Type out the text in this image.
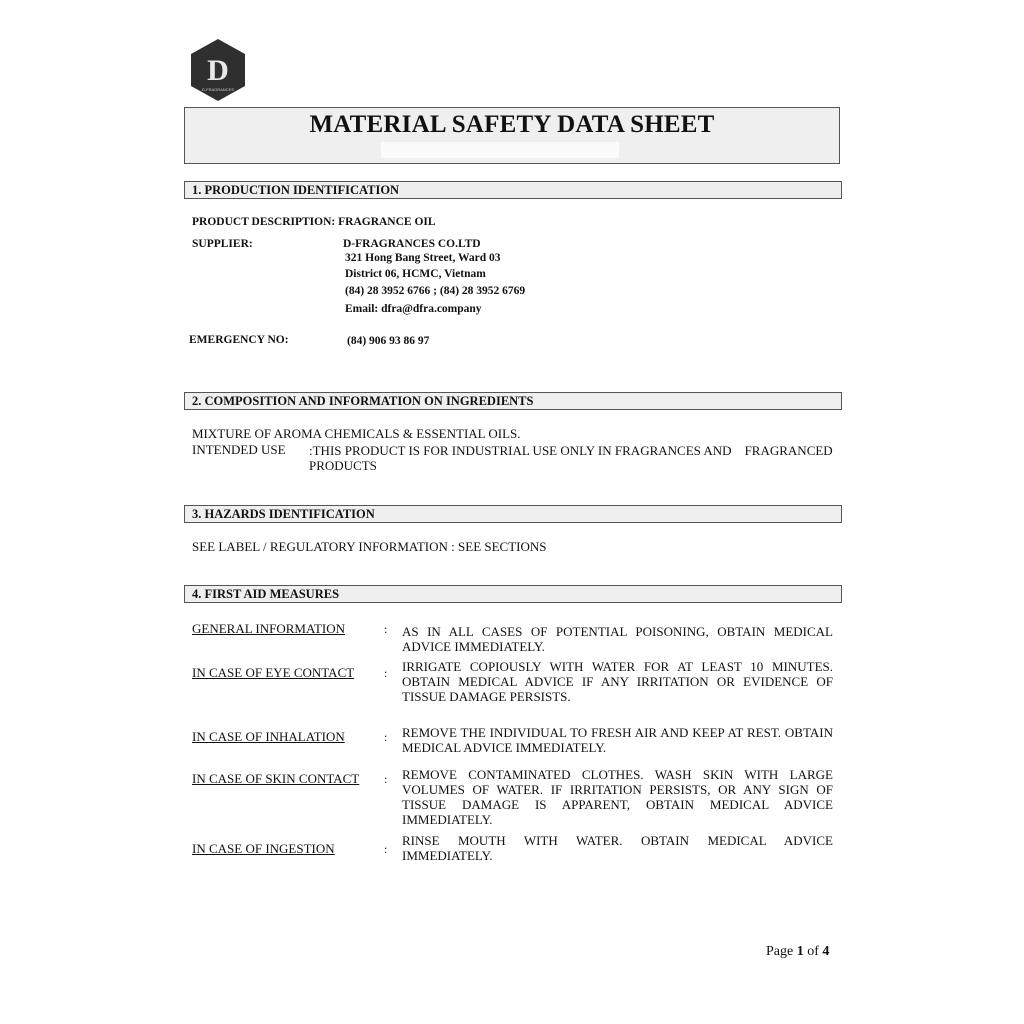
D
D-FRAGRANCES
MATERIAL SAFETY DATA SHEET
1. PRODUCTION IDENTIFICATION
PRODUCT DESCRIPTION: FRAGRANCE OIL
SUPPLIER:	D-FRAGRANCES CO.LTD
321 Hong Bang Street, Ward 03
District 06, HCMC, Vietnam
(84) 28 3952 6766 ; (84) 28 3952 6769
Email: dfra@dfra.company
EMERGENCY NO:	(84) 906 93 86 97
2. COMPOSITION AND INFORMATION ON INGREDIENTS
MIXTURE OF AROMA CHEMICALS & ESSENTIAL OILS.
INTENDED USE :THIS PRODUCT IS FOR INDUSTRIAL USE ONLY IN FRAGRANCES AND    FRAGRANCED
PRODUCTS
3. HAZARDS IDENTIFICATION
SEE LABEL / REGULATORY INFORMATION : SEE SECTIONS
4. FIRST AID MEASURES
GENERAL INFORMATION	: AS IN ALL CASES OF POTENTIAL POISONING, OBTAIN MEDICAL
ADVICE IMMEDIATELY.
IN CASE OF EYE CONTACT : IRRIGATE COPIOUSLY WITH WATER FOR AT LEAST 10 MINUTES.
OBTAIN MEDICAL ADVICE IF ANY IRRITATION OR EVIDENCE OF
TISSUE DAMAGE PERSISTS.
IN CASE OF INHALATION	: REMOVE THE INDIVIDUAL TO FRESH AIR AND KEEP AT REST. OBTAIN
MEDICAL ADVICE IMMEDIATELY.
IN CASE OF SKIN CONTACT : REMOVE CONTAMINATED CLOTHES. WASH SKIN WITH LARGE
VOLUMES OF WATER. IF IRRITATION PERSISTS, OR ANY SIGN OF
TISSUE DAMAGE IS APPARENT, OBTAIN MEDICAL ADVICE
IMMEDIATELY.
IN CASE OF INGESTION	:
RINSE MOUTH WITH WATER. OBTAIN MEDICAL ADVICE
IMMEDIATELY.
Page 1 of 4
